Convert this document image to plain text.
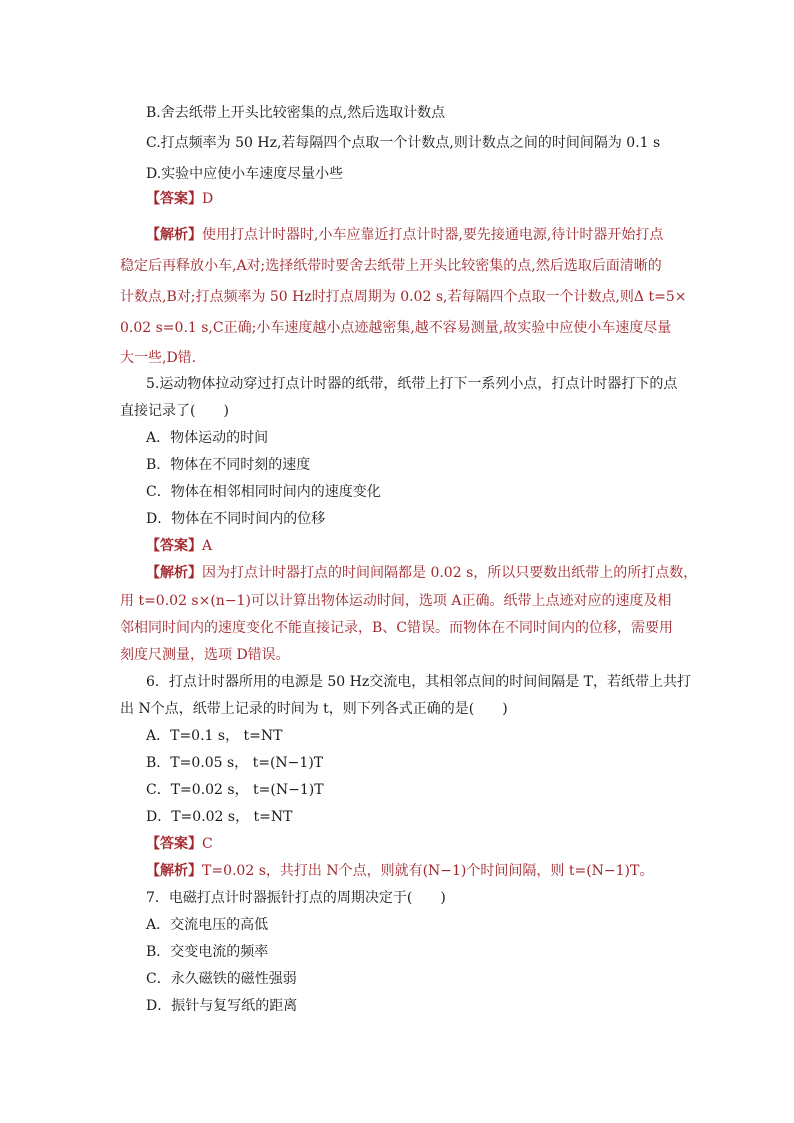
B.舍去纸带上开头比较密集的点,然后选取计数点
C.打点频率为 50 Hz,若每隔四个点取一个计数点,则计数点之间的时间间隔为 0.1 s
D.实验中应使小车速度尽量小些
【答案】D
【解析】使用打点计时器时,小车应靠近打点计时器,要先接通电源,待计时器开始打点
稳定后再释放小车,A对;选择纸带时要舍去纸带上开头比较密集的点,然后选取后面清晰的
计数点,B对;打点频率为 50 Hz时打点周期为 0.02 s,若每隔四个点取一个计数点,则Δ t=5×
0.02 s=0.1 s,C正确;小车速度越小点迹越密集,越不容易测量,故实验中应使小车速度尽量
大一些,D错.
5.运动物体拉动穿过打点计时器的纸带，纸带上打下一系列小点，打点计时器打下的点
直接记录了(　　)
A．物体运动的时间
B．物体在不同时刻的速度
C．物体在相邻相同时间内的速度变化
D．物体在不同时间内的位移
【答案】A
【解析】因为打点计时器打点的时间间隔都是 0.02 s，所以只要数出纸带上的所打点数，
用 t=0.02 s×(n−1)可以计算出物体运动时间，选项 A正确。纸带上点迹对应的速度及相
邻相同时间内的速度变化不能直接记录，B、C错误。而物体在不同时间内的位移，需要用
刻度尺测量，选项 D错误。
6．打点计时器所用的电源是 50 Hz交流电，其相邻点间的时间间隔是 T，若纸带上共打
出 N个点，纸带上记录的时间为 t，则下列各式正确的是(　　)
A．T=0.1 s， t=NT
B．T=0.05 s， t=(N−1)T
C．T=0.02 s， t=(N−1)T
D．T=0.02 s， t=NT
【答案】C
【解析】T=0.02 s，共打出 N个点，则就有(N−1)个时间间隔，则 t=(N−1)T。
7．电磁打点计时器振针打点的周期决定于(　　)
A．交流电压的高低
B．交变电流的频率
C．永久磁铁的磁性强弱
D．振针与复写纸的距离
